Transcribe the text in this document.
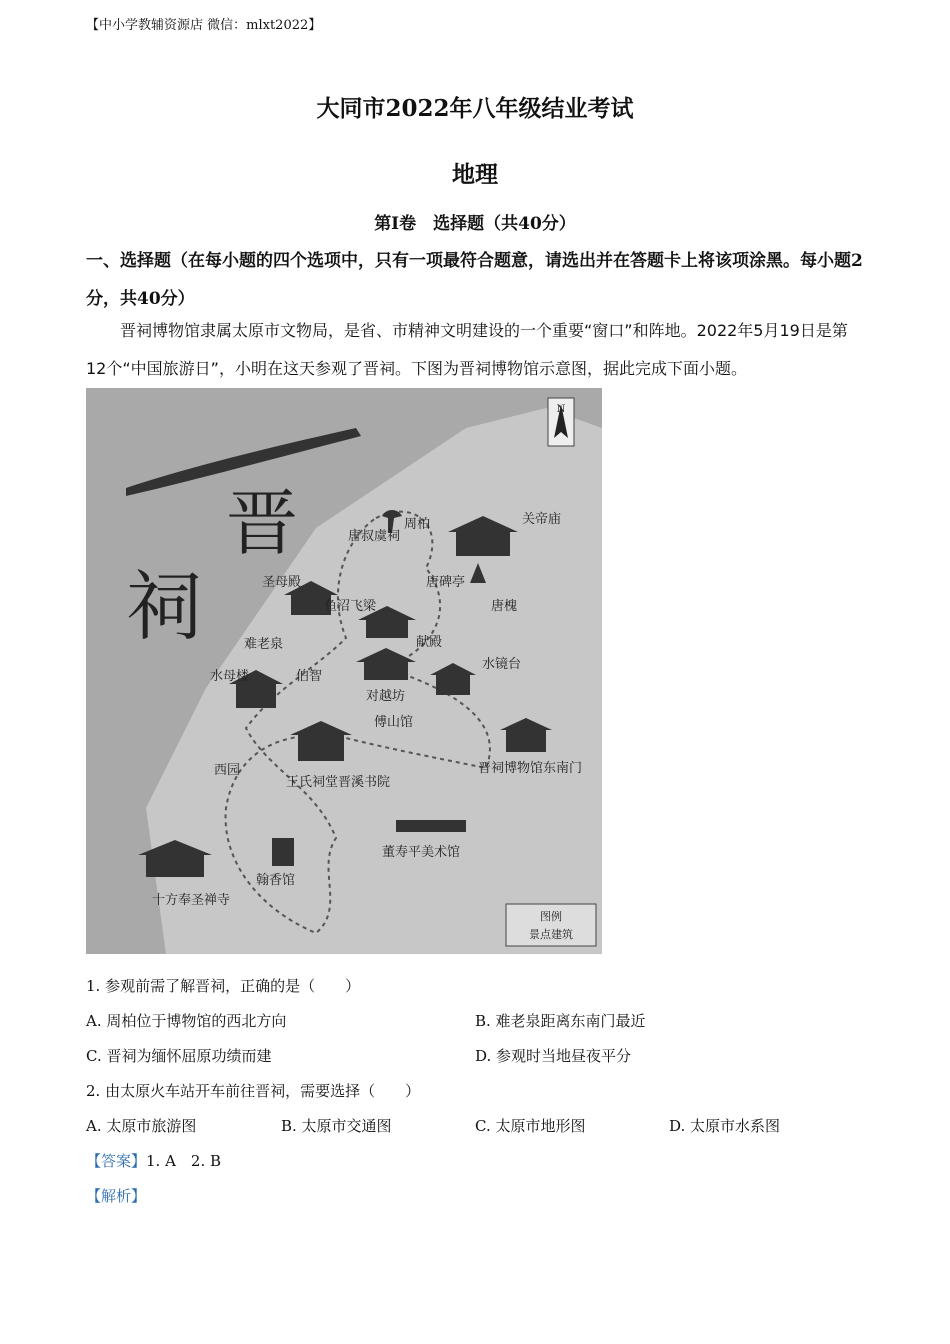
【中小学教辅资源店 微信：mlxt2022】
大同市2022年八年级结业考试
地理
第Ⅰ卷　选择题（共40分）
一、选择题（在每小题的四个选项中，只有一项最符合题意，请选出并在答题卡上将该项涂黑。每小题2分，共40分）
晋祠博物馆隶属太原市文物局，是省、市精神文明建设的一个重要“窗口”和阵地。2022年5月19日是第12个“中国旅游日”，小明在这天参观了晋祠。下图为晋祠博物馆示意图，据此完成下面小题。
晋
祠
N
周柏
唐叔虞祠
关帝庙
圣母殿	唐碑亭
唐槐
鱼沼飞梁
献殿
难老泉
伯智
水母楼
对越坊
水镜台
傅山馆
晋祠博物馆东南门
王氏祠堂晋溪书院
西园
董寿平美术馆
十方奉圣禅寺
翰香馆
图例
景点建筑
1. 参观前需了解晋祠，正确的是（　　）
A. 周柏位于博物馆的西北方向	B. 难老泉距离东南门最近
C. 晋祠为缅怀屈原功绩而建	D. 参观时当地昼夜平分
2. 由太原火车站开车前往晋祠，需要选择（　　）
A. 太原市旅游图	B. 太原市交通图	C. 太原市地形图	D. 太原市水系图
【答案】1. A　2. B
【解析】
